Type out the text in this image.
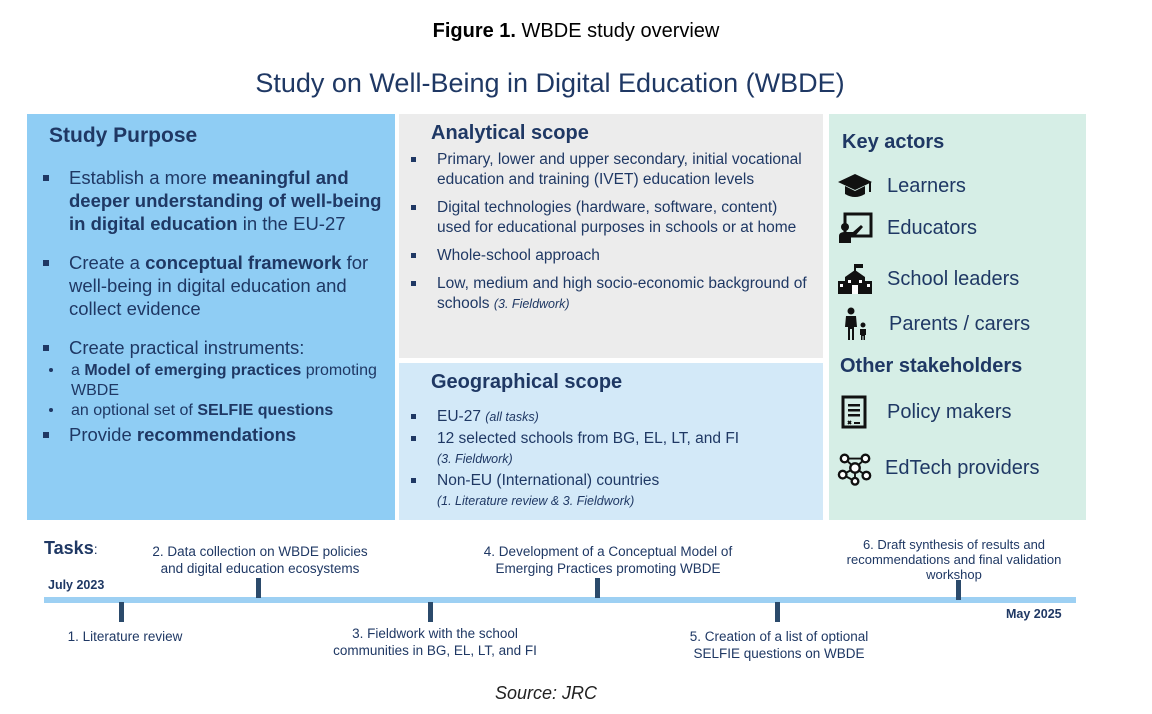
Figure 1. WBDE study overview
Study on Well-Being in Digital Education (WBDE)
Study Purpose
Establish a more meaningful and deeper understanding of well-being in digital education in the EU-27
Create a conceptual framework for well-being in digital education and collect evidence
Create practical instruments:
a Model of emerging practices promoting WBDE
an optional set of SELFIE questions
Provide recommendations
Analytical scope
Primary, lower and upper secondary, initial vocational education and training (IVET) education levels
Digital technologies (hardware, software, content) used for educational purposes in schools or at home
Whole-school approach
Low, medium and high socio-economic background of schools (3. Fieldwork)
Geographical scope
EU-27 (all tasks)
12 selected schools from BG, EL, LT, and FI
(3. Fieldwork)
Non-EU (International) countries
(1. Literature review & 3. Fieldwork)
Key actors
Learners
Educators
School leaders
Parents / carers
Other stakeholders
Policy makers
EdTech providers
Tasks:
July 2023
May 2025
1. Literature review
2. Data collection on WBDE policies and digital education ecosystems
3. Fieldwork with the school communities in BG, EL, LT, and FI
4. Development of a Conceptual Model of Emerging Practices promoting WBDE
5. Creation of a list of optional SELFIE questions on WBDE
6. Draft synthesis of results and recommendations and final validation workshop
Source: JRC
